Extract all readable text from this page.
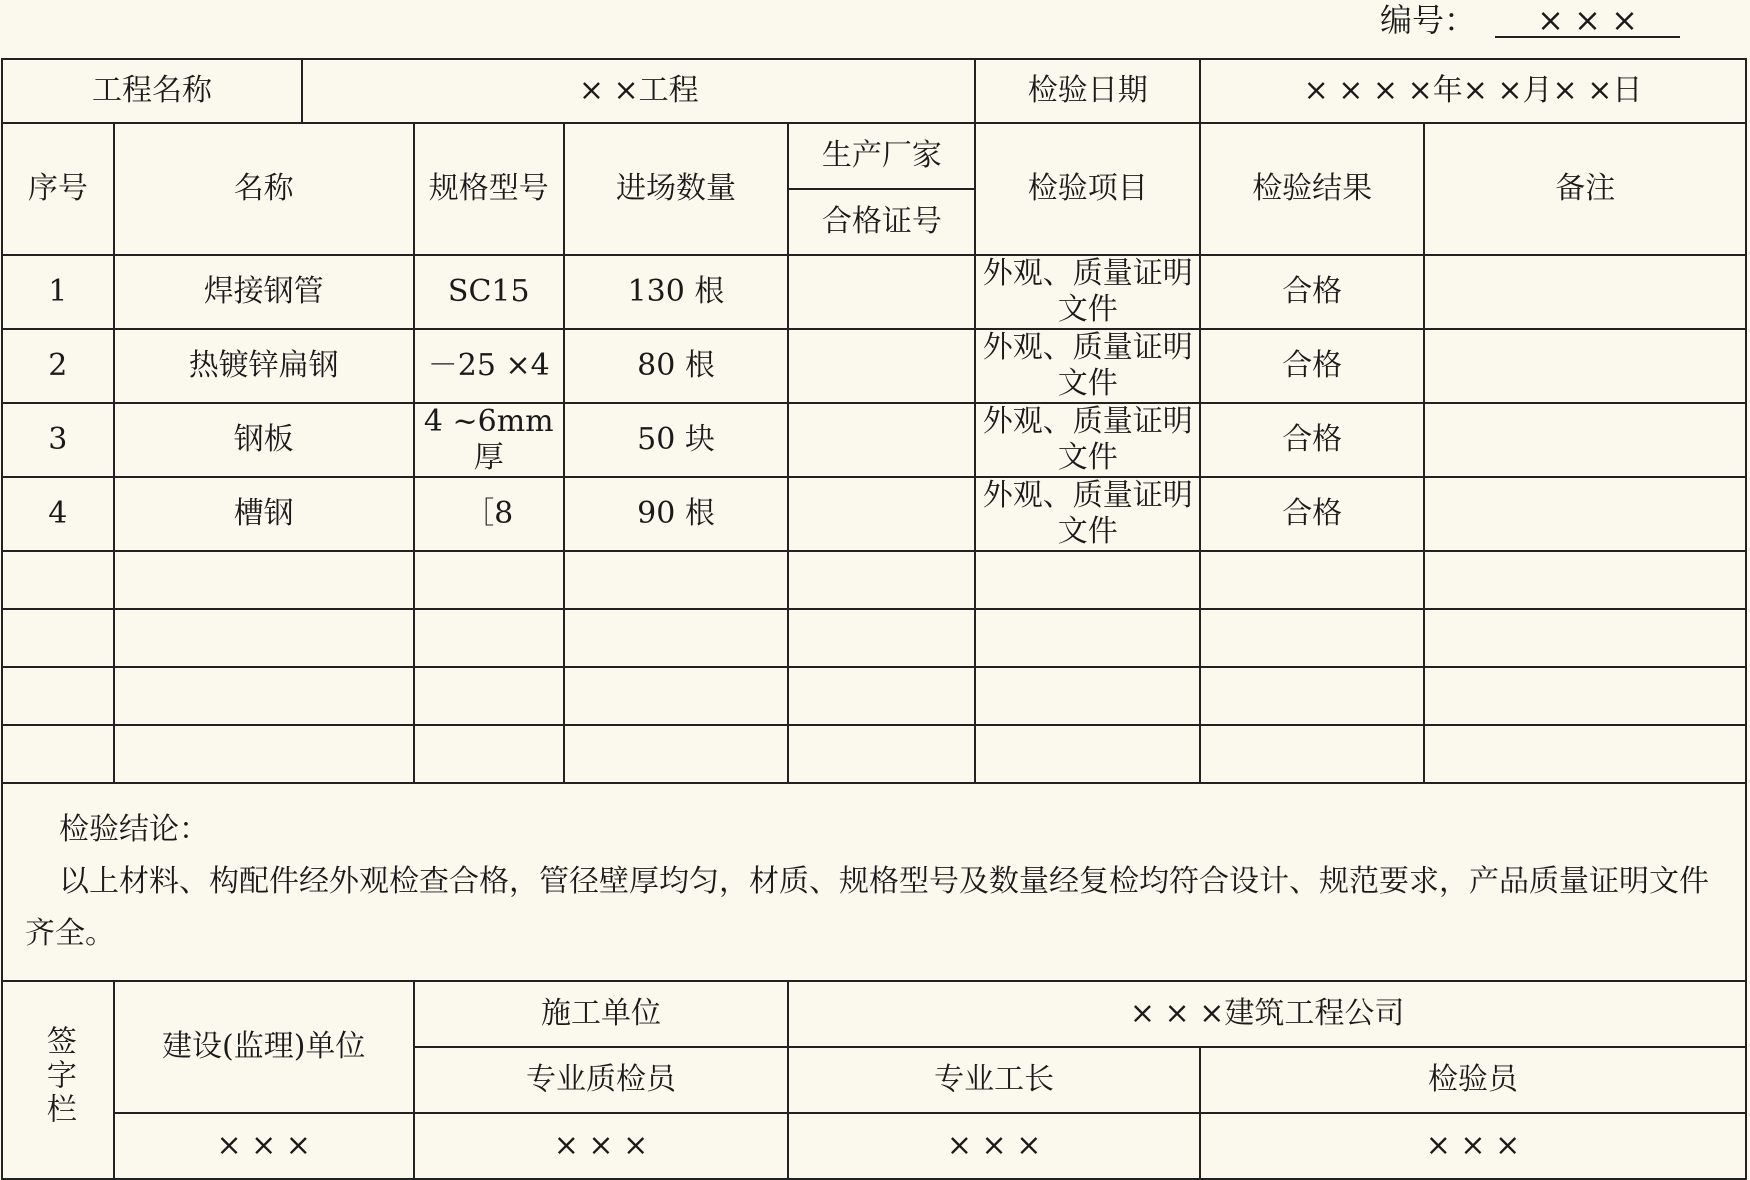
编号：	× × ×
工程名称		× ×工程				检验日期	× × × ×年× ×月× ×日	
序号	名称		规格型号	进场数量	生产厂家	检验项目	检验结果	备注
					合格证号			
1	焊接钢管		SC15	130 根		外观、质量证明文件	合格	
2	热镀锌扁钢		－25 ×4	80 根		外观、质量证明文件	合格	
3	钢板		4 ~6mm 厚	50 块		外观、质量证明文件	合格	
4	槽钢		［8	90 根		外观、质量证明文件	合格	

检验结论：
以上材料、构配件经外观检查合格，管径壁厚均匀，材质、规格型号及数量经复检均符合设计、规范要求，产品质量证明文件齐全。								

签字栏	建设(监理)单位		施工单位		× × ×建筑工程公司			
			专业质检员		专业工长		检验员	
	× × ×		× × ×		× × ×		× × ×	
